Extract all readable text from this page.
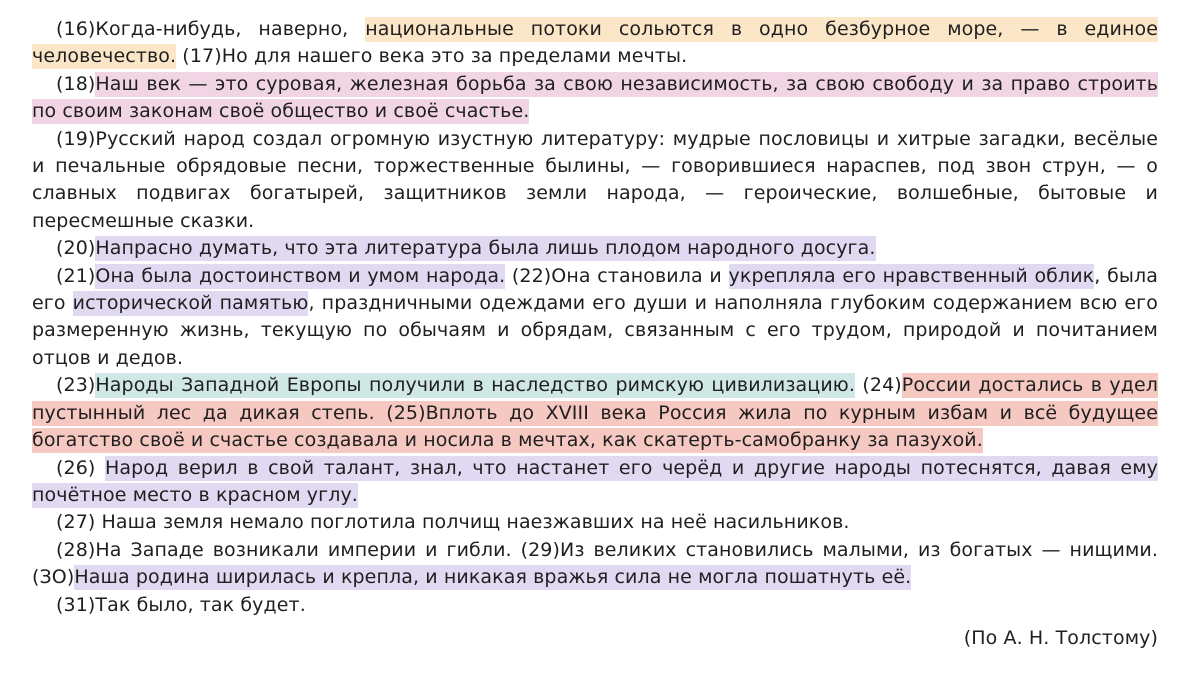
(16)Когда-нибудь, наверно, национальные потоки сольются в одно безбурное море, — в единое человечество. (17)Но для нашего века это за пределами мечты.

(18)Наш век — это суровая, железная борьба за свою независимость, за свою свободу и за право строить по своим законам своё общество и своё счастье.

(19)Русский народ создал огромную изустную литературу: мудрые пословицы и хитрые загадки, весёлые и печальные обрядовые песни, торжественные былины, — говорившиеся нараспев, под звон струн, — о славных подвигах богатырей, защитников земли народа, — героические, волшебные, бытовые и пересмешные сказки.

(20)Напрасно думать, что эта литература была лишь плодом народного досуга.

(21)Она была достоинством и умом народа. (22)Она становила и укрепляла его нравственный облик, была его исторической памятью, праздничными одеждами его души и наполняла глубоким содержанием всю его размеренную жизнь, текущую по обычаям и обрядам, связанным с его трудом, природой и почитанием отцов и дедов.

(23)Народы Западной Европы получили в наследство римскую цивилизацию. (24)России достались в удел пустынный лес да дикая степь. (25)Вплоть до XVIII века Россия жила по курным избам и всё будущее богатство своё и счастье создавала и носила в мечтах, как скатерть-самобранку за пазухой.

(26) Народ верил в свой талант, знал, что настанет его черёд и другие народы потеснятся, давая ему почётное место в красном углу.

(27) Наша земля немало поглотила полчищ наезжавших на неё насильников.

(28)На Западе возникали империи и гибли. (29)Из великих становились малыми, из богатых — нищими. (ЗО)Наша родина ширилась и крепла, и никакая вражья сила не могла пошатнуть её.

(31)Так было, так будет.

(По А. Н. Толстому)
